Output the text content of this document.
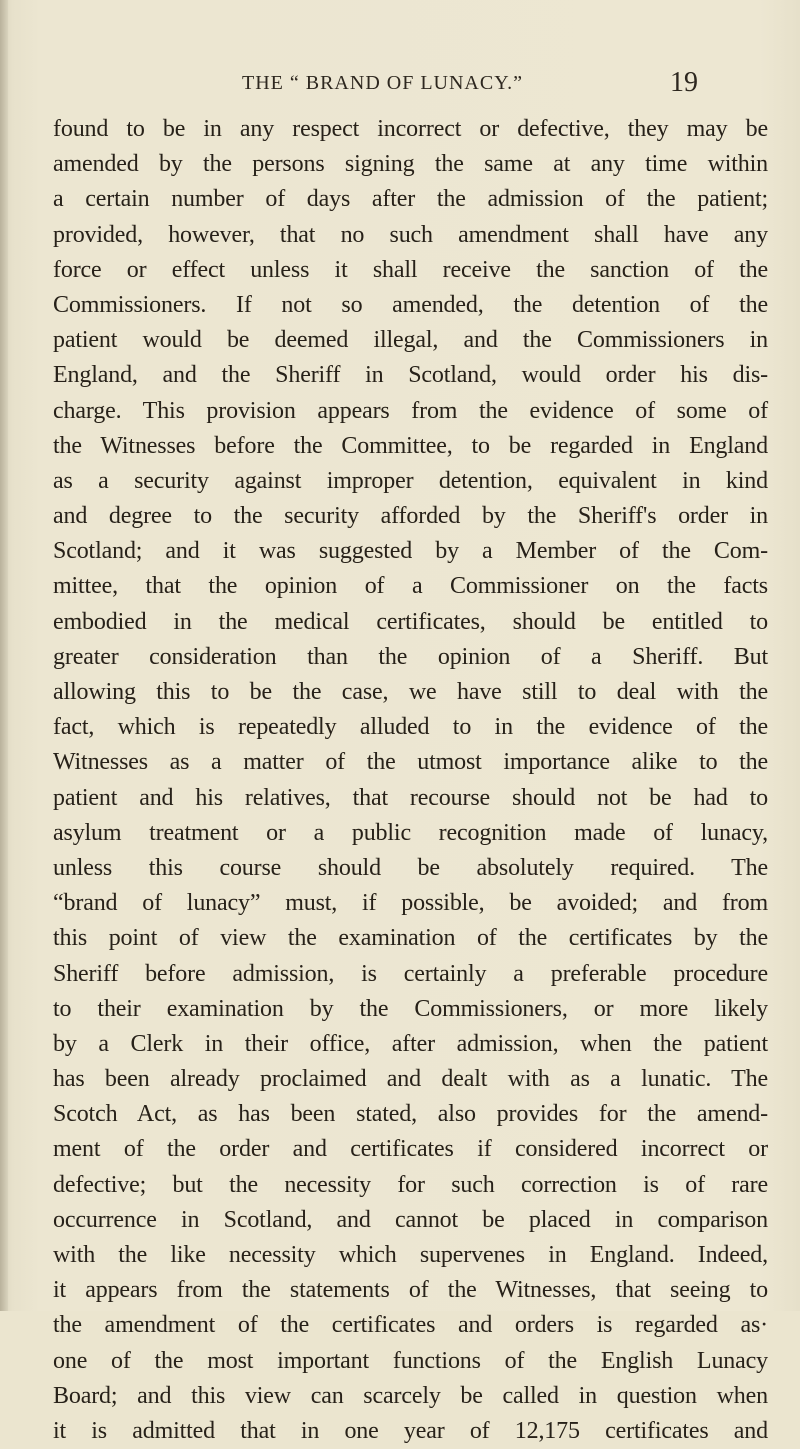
THE “ BRAND OF LUNACY.”	19
found to be in any respect incorrect or defective, they may be
amended by the persons signing the same at any time within
a certain number of days after the admission of the patient;
provided, however, that no such amendment shall have any
force or effect unless it shall receive the sanction of the
Commissioners. If not so amended, the detention of the
patient would be deemed illegal, and the Commissioners in
England, and the Sheriff in Scotland, would order his dis-
charge. This provision appears from the evidence of some of
the Witnesses before the Committee, to be regarded in England
as a security against improper detention, equivalent in kind
and degree to the security afforded by the Sheriff's order in
Scotland; and it was suggested by a Member of the Com-
mittee, that the opinion of a Commissioner on the facts
embodied in the medical certificates, should be entitled to
greater consideration than the opinion of a Sheriff. But
allowing this to be the case, we have still to deal with the
fact, which is repeatedly alluded to in the evidence of the
Witnesses as a matter of the utmost importance alike to the
patient and his relatives, that recourse should not be had to
asylum treatment or a public recognition made of lunacy,
unless this course should be absolutely required. The
“brand of lunacy” must, if possible, be avoided; and from
this point of view the examination of the certificates by the
Sheriff before admission, is certainly a preferable procedure
to their examination by the Commissioners, or more likely
by a Clerk in their office, after admission, when the patient
has been already proclaimed and dealt with as a lunatic. The
Scotch Act, as has been stated, also provides for the amend-
ment of the order and certificates if considered incorrect or
defective; but the necessity for such correction is of rare
occurrence in Scotland, and cannot be placed in comparison
with the like necessity which supervenes in England. Indeed,
it appears from the statements of the Witnesses, that seeing to
the amendment of the certificates and orders is regarded as·
one of the most important functions of the English Lunacy
Board; and this view can scarcely be called in question when
it is admitted that in one year of 12,175 certificates and
